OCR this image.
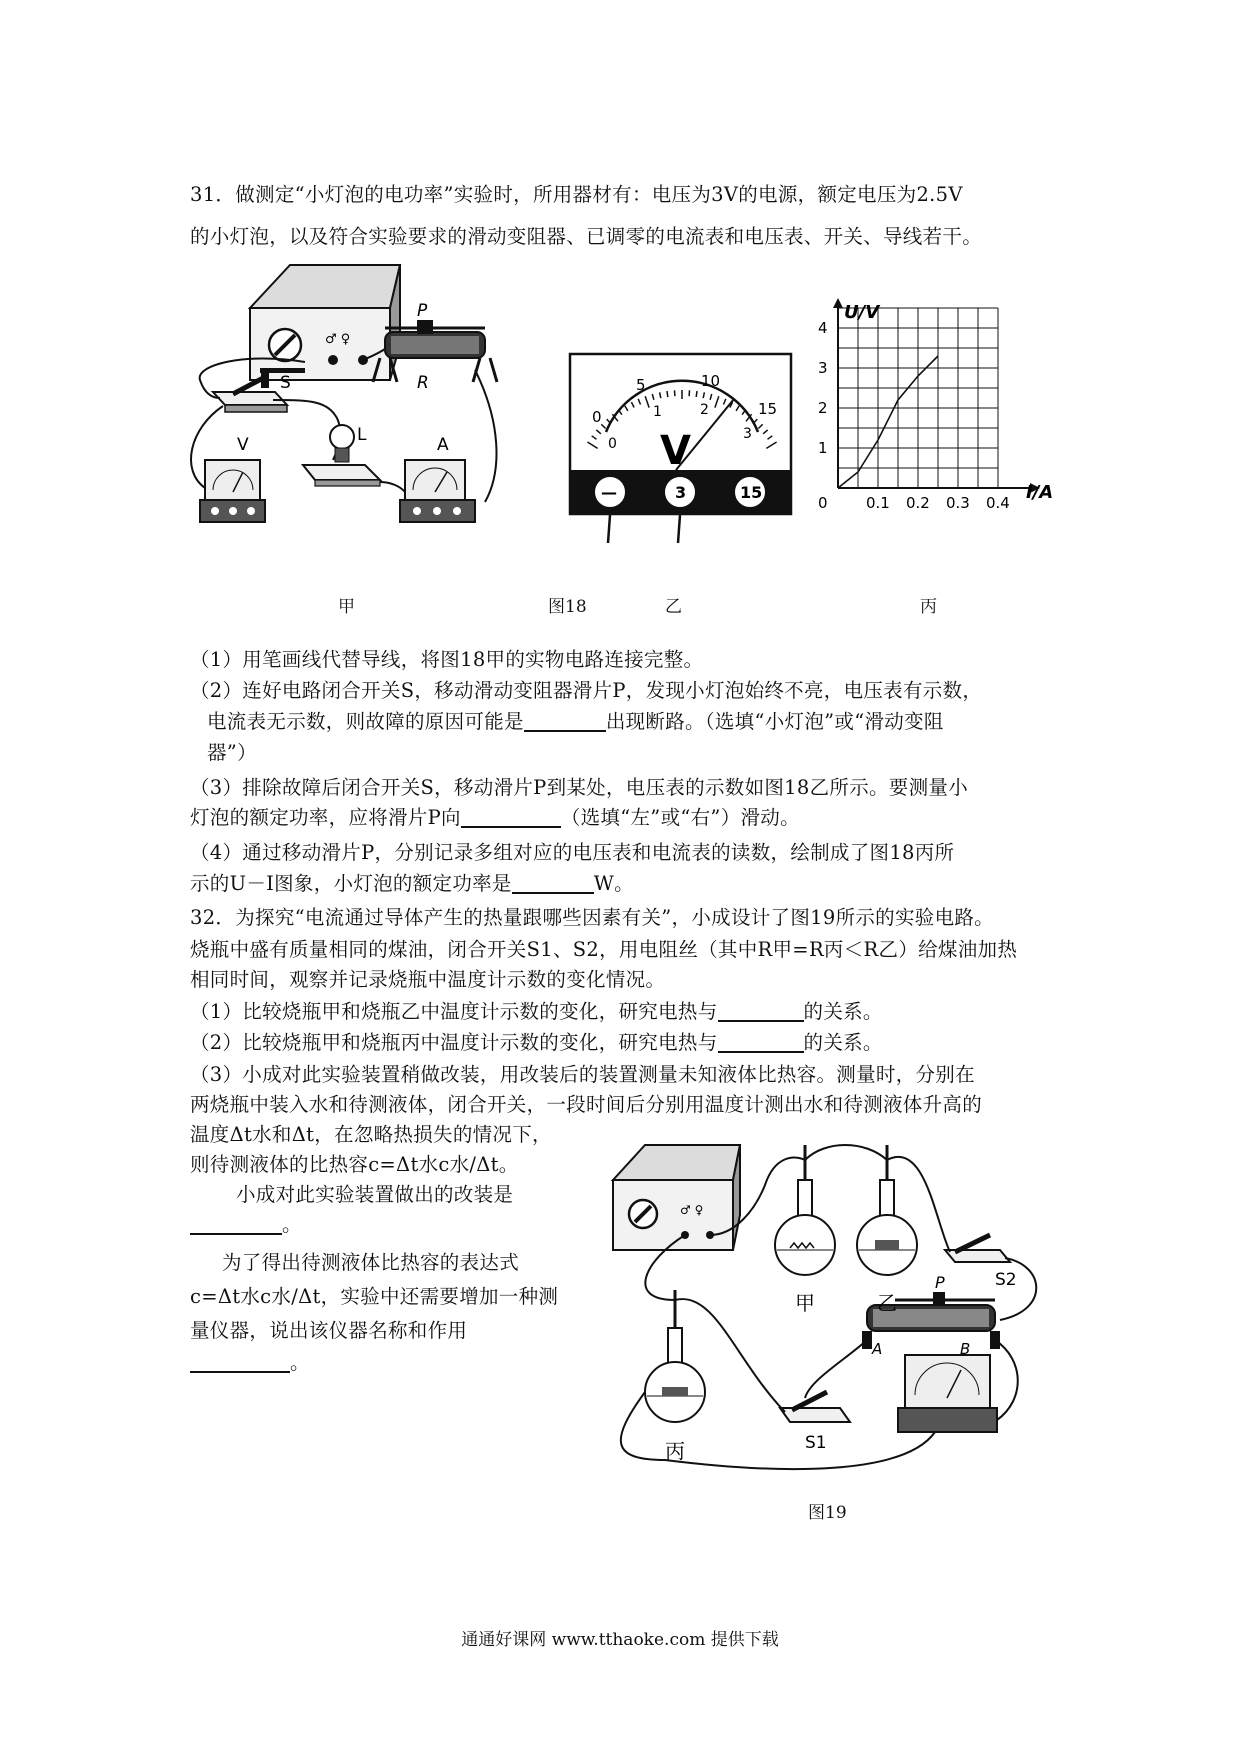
31．做测定“小灯泡的电功率”实验时，所用器材有：电压为3V的电源，额定电压为2.5V
的小灯泡，以及符合实验要求的滑动变阻器、已调零的电流表和电压表、开关、导线若干。
♂ ♀
P
R
S
L
V	A
0
5	10
15
0
1	2
3
V
—	3	15
0	0.1 0.2 0.3 0.4
1
2
3
4
U/V
I/A
甲	图18	乙	丙
（1）用笔画线代替导线，将图18甲的实物电路连接完整。
（2）连好电路闭合开关S，移动滑动变阻器滑片P，发现小灯泡始终不亮，电压表有示数，
电流表无示数，则故障的原因可能是	出现断路。（选填“小灯泡”或“滑动变阻
器”）
（3）排除故障后闭合开关S，移动滑片P到某处，电压表的示数如图18乙所示。要测量小
灯泡的额定功率，应将滑片P向	（选填“左”或“右”）滑动。
（4）通过移动滑片P，分别记录多组对应的电压表和电流表的读数，绘制成了图18丙所
示的U－I图象，小灯泡的额定功率是	W。
32．为探究“电流通过导体产生的热量跟哪些因素有关”，小成设计了图19所示的实验电路。
烧瓶中盛有质量相同的煤油，闭合开关S1、S2，用电阻丝（其中R甲=R丙＜R乙）给煤油加热
相同时间，观察并记录烧瓶中温度计示数的变化情况。
（1）比较烧瓶甲和烧瓶乙中温度计示数的变化，研究电热与	的关系。
（2）比较烧瓶甲和烧瓶丙中温度计示数的变化，研究电热与	的关系。
（3）小成对此实验装置稍做改装，用改装后的装置测量未知液体比热容。测量时，分别在
两烧瓶中装入水和待测液体，闭合开关，一段时间后分别用温度计测出水和待测液体升高的
温度Δt水和Δt，在忽略热损失的情况下，
则待测液体的比热容c=Δt水c水/Δt。
小成对此实验装置做出的改装是
。
为了得出待测液体比热容的表达式
c=Δt水c水/Δt，实验中还需要增加一种测
量仪器，说出该仪器名称和作用
。
♂ ♀
甲	乙
丙	S1
S2
P
A	B
图19
通通好课网 www.tthaoke.com 提供下载
